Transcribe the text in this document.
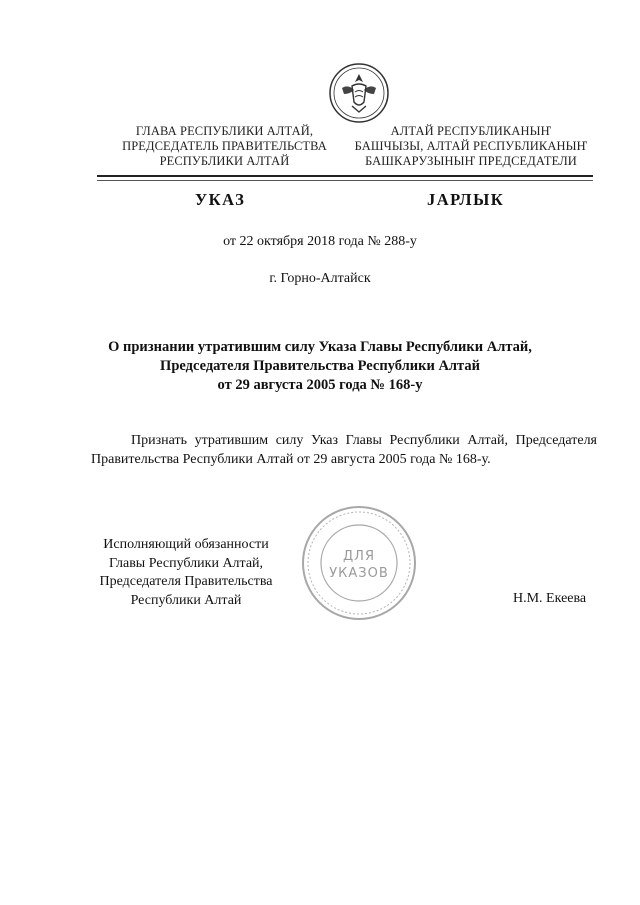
ГЛАВА РЕСПУБЛИКИ АЛТАЙ,
ПРЕДСЕДАТЕЛЬ ПРАВИТЕЛЬСТВА
РЕСПУБЛИКИ АЛТАЙ
АЛТАЙ РЕСПУБЛИКАНЫҤ
БАШЧЫЗЫ, АЛТАЙ РЕСПУБЛИКАНЫҤ
БАШКАРУЗЫНЫҤ ПРЕДСЕДАТЕЛИ
УКАЗ	JАРЛЫК
от 22 октября 2018 года № 288-у
г. Горно-Алтайск
О признании утратившим силу Указа Главы Республики Алтай,
Председателя Правительства Республики Алтай
от 29 августа 2005 года № 168-у
Признать утратившим силу Указ Главы Республики Алтай, Председателя Правительства Республики Алтай от 29 августа 2005 года № 168-у.
Исполняющий обязанности
Главы Республики Алтай,
Председателя Правительства
Республики Алтай
ДЛЯ
УКАЗОВ
Н.М. Екеева
